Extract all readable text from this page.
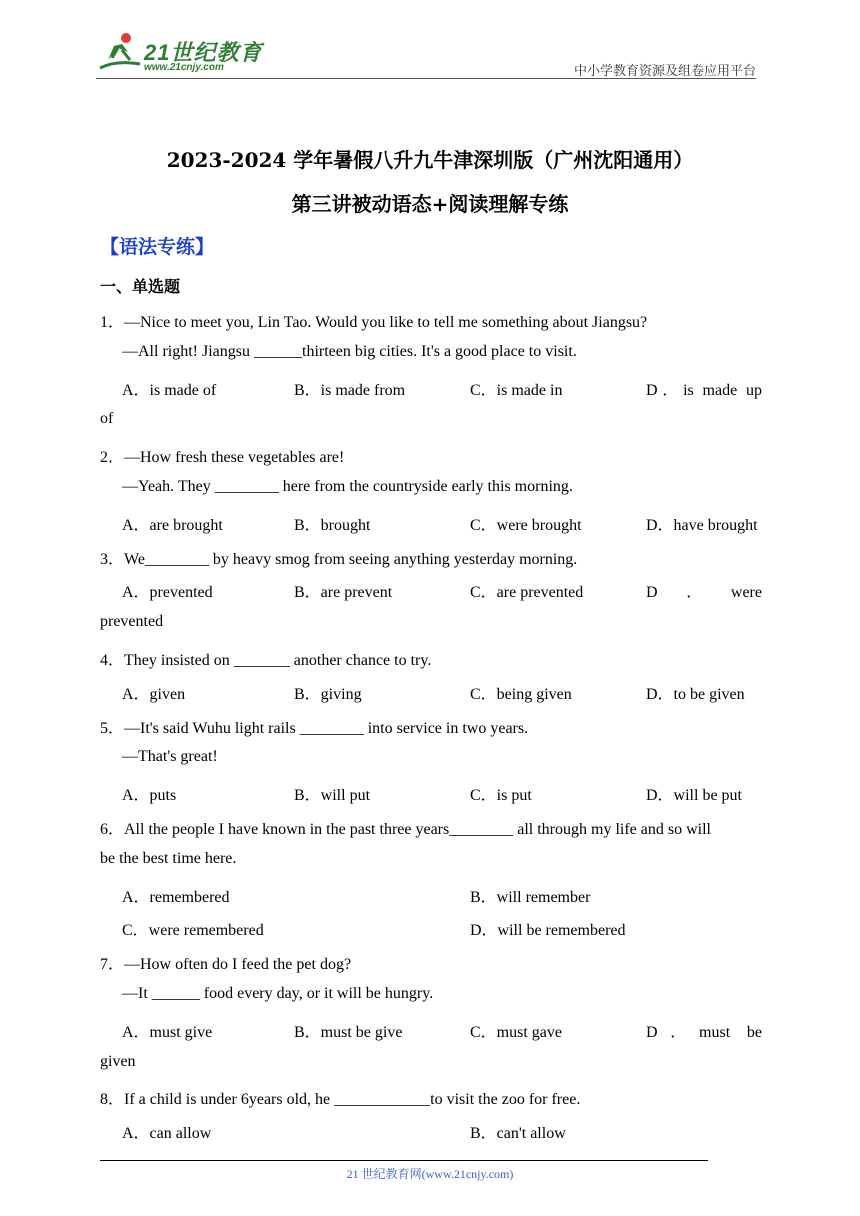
21世纪教育
www.21cnjy.com	中小学教育资源及组卷应用平台
2023-2024 学年暑假八升九牛津深圳版（广州沈阳通用）
第三讲被动语态+阅读理解专练
【语法专练】
一、单选题
1．—Nice to meet you, Lin Tao. Would you like to tell me something about Jiangsu?
—All right! Jiangsu ______thirteen big cities. It's a good place to visit.
A．is made of	B．is made from	C．is made in	D．is made up
of
2．—How fresh these vegetables are!
—Yeah. They ________ here from the countryside early this morning.
A．are brought	B．brought	C．were brought	D．have brought
3．We________ by heavy smog from seeing anything yesterday morning.
A．prevented	B．are prevent	C．are prevented	D．were
prevented
4．They insisted on _______ another chance to try.
A．given	B．giving	C．being given	D．to be given
5．—It's said Wuhu light rails ________ into service in two years.
—That's great!
A．puts	B．will put	C．is put	D．will be put
6．All the people I have known in the past three years________ all through my life and so will
be the best time here.
A．remembered	B．will remember
C．were remembered	D．will be remembered
7．—How often do I feed the pet dog?
—It ______ food every day, or it will be hungry.
A．must give	B．must be give	C．must gave	D．must be
given
8．If a child is under 6years old, he ____________to visit the zoo for free.
A．can allow	B．can't allow
21 世纪教育网(www.21cnjy.com)
